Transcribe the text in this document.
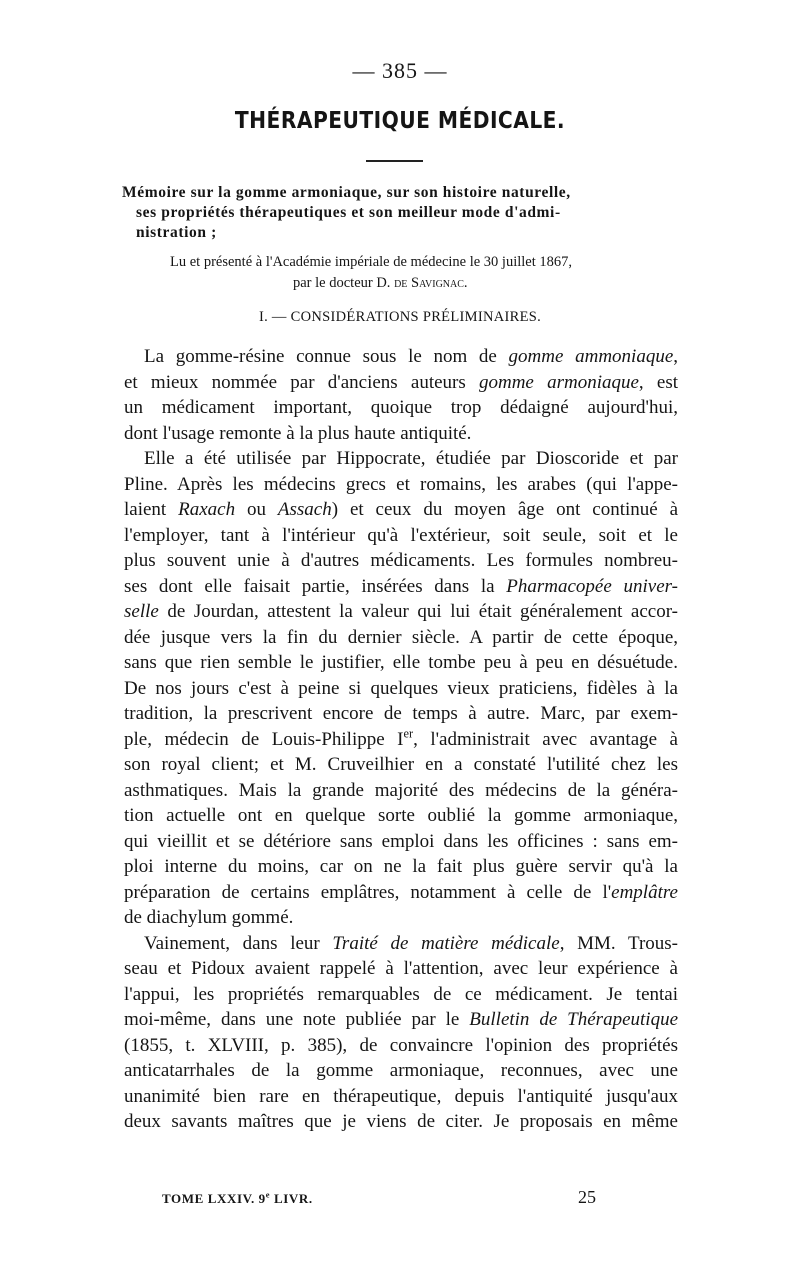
— 385 —
THÉRAPEUTIQUE MÉDICALE.
Mémoire sur la gomme armoniaque, sur son histoire naturelle,
ses propriétés thérapeutiques et son meilleur mode d'admi-
nistration ;
Lu et présenté à l'Académie impériale de médecine le 30 juillet 1867,
par le docteur D. de Savignac.
I. — CONSIDÉRATIONS PRÉLIMINAIRES.
La gomme-résine connue sous le nom de gomme ammoniaque,
et mieux nommée par d'anciens auteurs gomme armoniaque, est
un médicament important, quoique trop dédaigné aujourd'hui,
dont l'usage remonte à la plus haute antiquité.
Elle a été utilisée par Hippocrate, étudiée par Dioscoride et par
Pline. Après les médecins grecs et romains, les arabes (qui l'appe-
laient Raxach ou Assach) et ceux du moyen âge ont continué à
l'employer, tant à l'intérieur qu'à l'extérieur, soit seule, soit et le
plus souvent unie à d'autres médicaments. Les formules nombreu-
ses dont elle faisait partie, insérées dans la Pharmacopée univer-
selle de Jourdan, attestent la valeur qui lui était généralement accor-
dée jusque vers la fin du dernier siècle. A partir de cette époque,
sans que rien semble le justifier, elle tombe peu à peu en désuétude.
De nos jours c'est à peine si quelques vieux praticiens, fidèles à la
tradition, la prescrivent encore de temps à autre. Marc, par exem-
ple, médecin de Louis-Philippe Ier, l'administrait avec avantage à
son royal client; et M. Cruveilhier en a constaté l'utilité chez les
asthmatiques. Mais la grande majorité des médecins de la généra-
tion actuelle ont en quelque sorte oublié la gomme armoniaque,
qui vieillit et se détériore sans emploi dans les officines : sans em-
ploi interne du moins, car on ne la fait plus guère servir qu'à la
préparation de certains emplâtres, notamment à celle de l'emplâtre
de diachylum gommé.
Vainement, dans leur Traité de matière médicale, MM. Trous-
seau et Pidoux avaient rappelé à l'attention, avec leur expérience à
l'appui, les propriétés remarquables de ce médicament. Je tentai
moi-même, dans une note publiée par le Bulletin de Thérapeutique
(1855, t. XLVIII, p. 385), de convaincre l'opinion des propriétés
anticatarrhales de la gomme armoniaque, reconnues, avec une
unanimité bien rare en thérapeutique, depuis l'antiquité jusqu'aux
deux savants maîtres que je viens de citer. Je proposais en même
TOME LXXIV. 9e LIVR.	25
